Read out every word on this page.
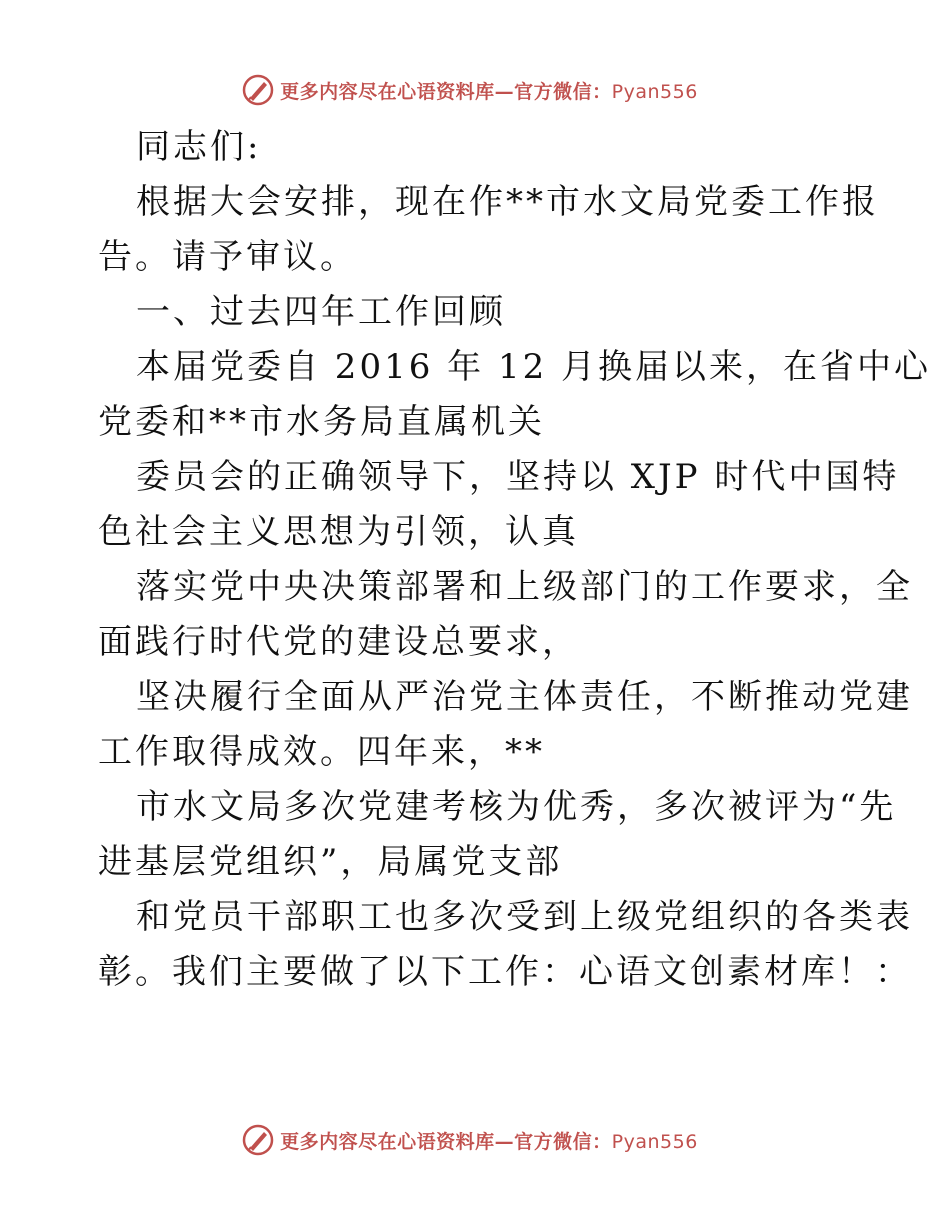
更多内容尽在心语资料库—官方微信：Pyan556
同志们:
根据大会安排，现在作**市水文局党委工作报
告。请予审议。
一、过去四年工作回顾
本届党委自 2016 年 12 月换届以来，在省中心
党委和**市水务局直属机关
委员会的正确领导下，坚持以 XJP 时代中国特
色社会主义思想为引领，认真
落实党中央决策部署和上级部门的工作要求，全
面践行时代党的建设总要求，
坚决履行全面从严治党主体责任，不断推动党建
工作取得成效。四年来，**
市水文局多次党建考核为优秀，多次被评为“先
进基层党组织”，局属党支部
和党员干部职工也多次受到上级党组织的各类表
彰。我们主要做了以下工作：心语文创素材库！：
更多内容尽在心语资料库—官方微信：Pyan556
